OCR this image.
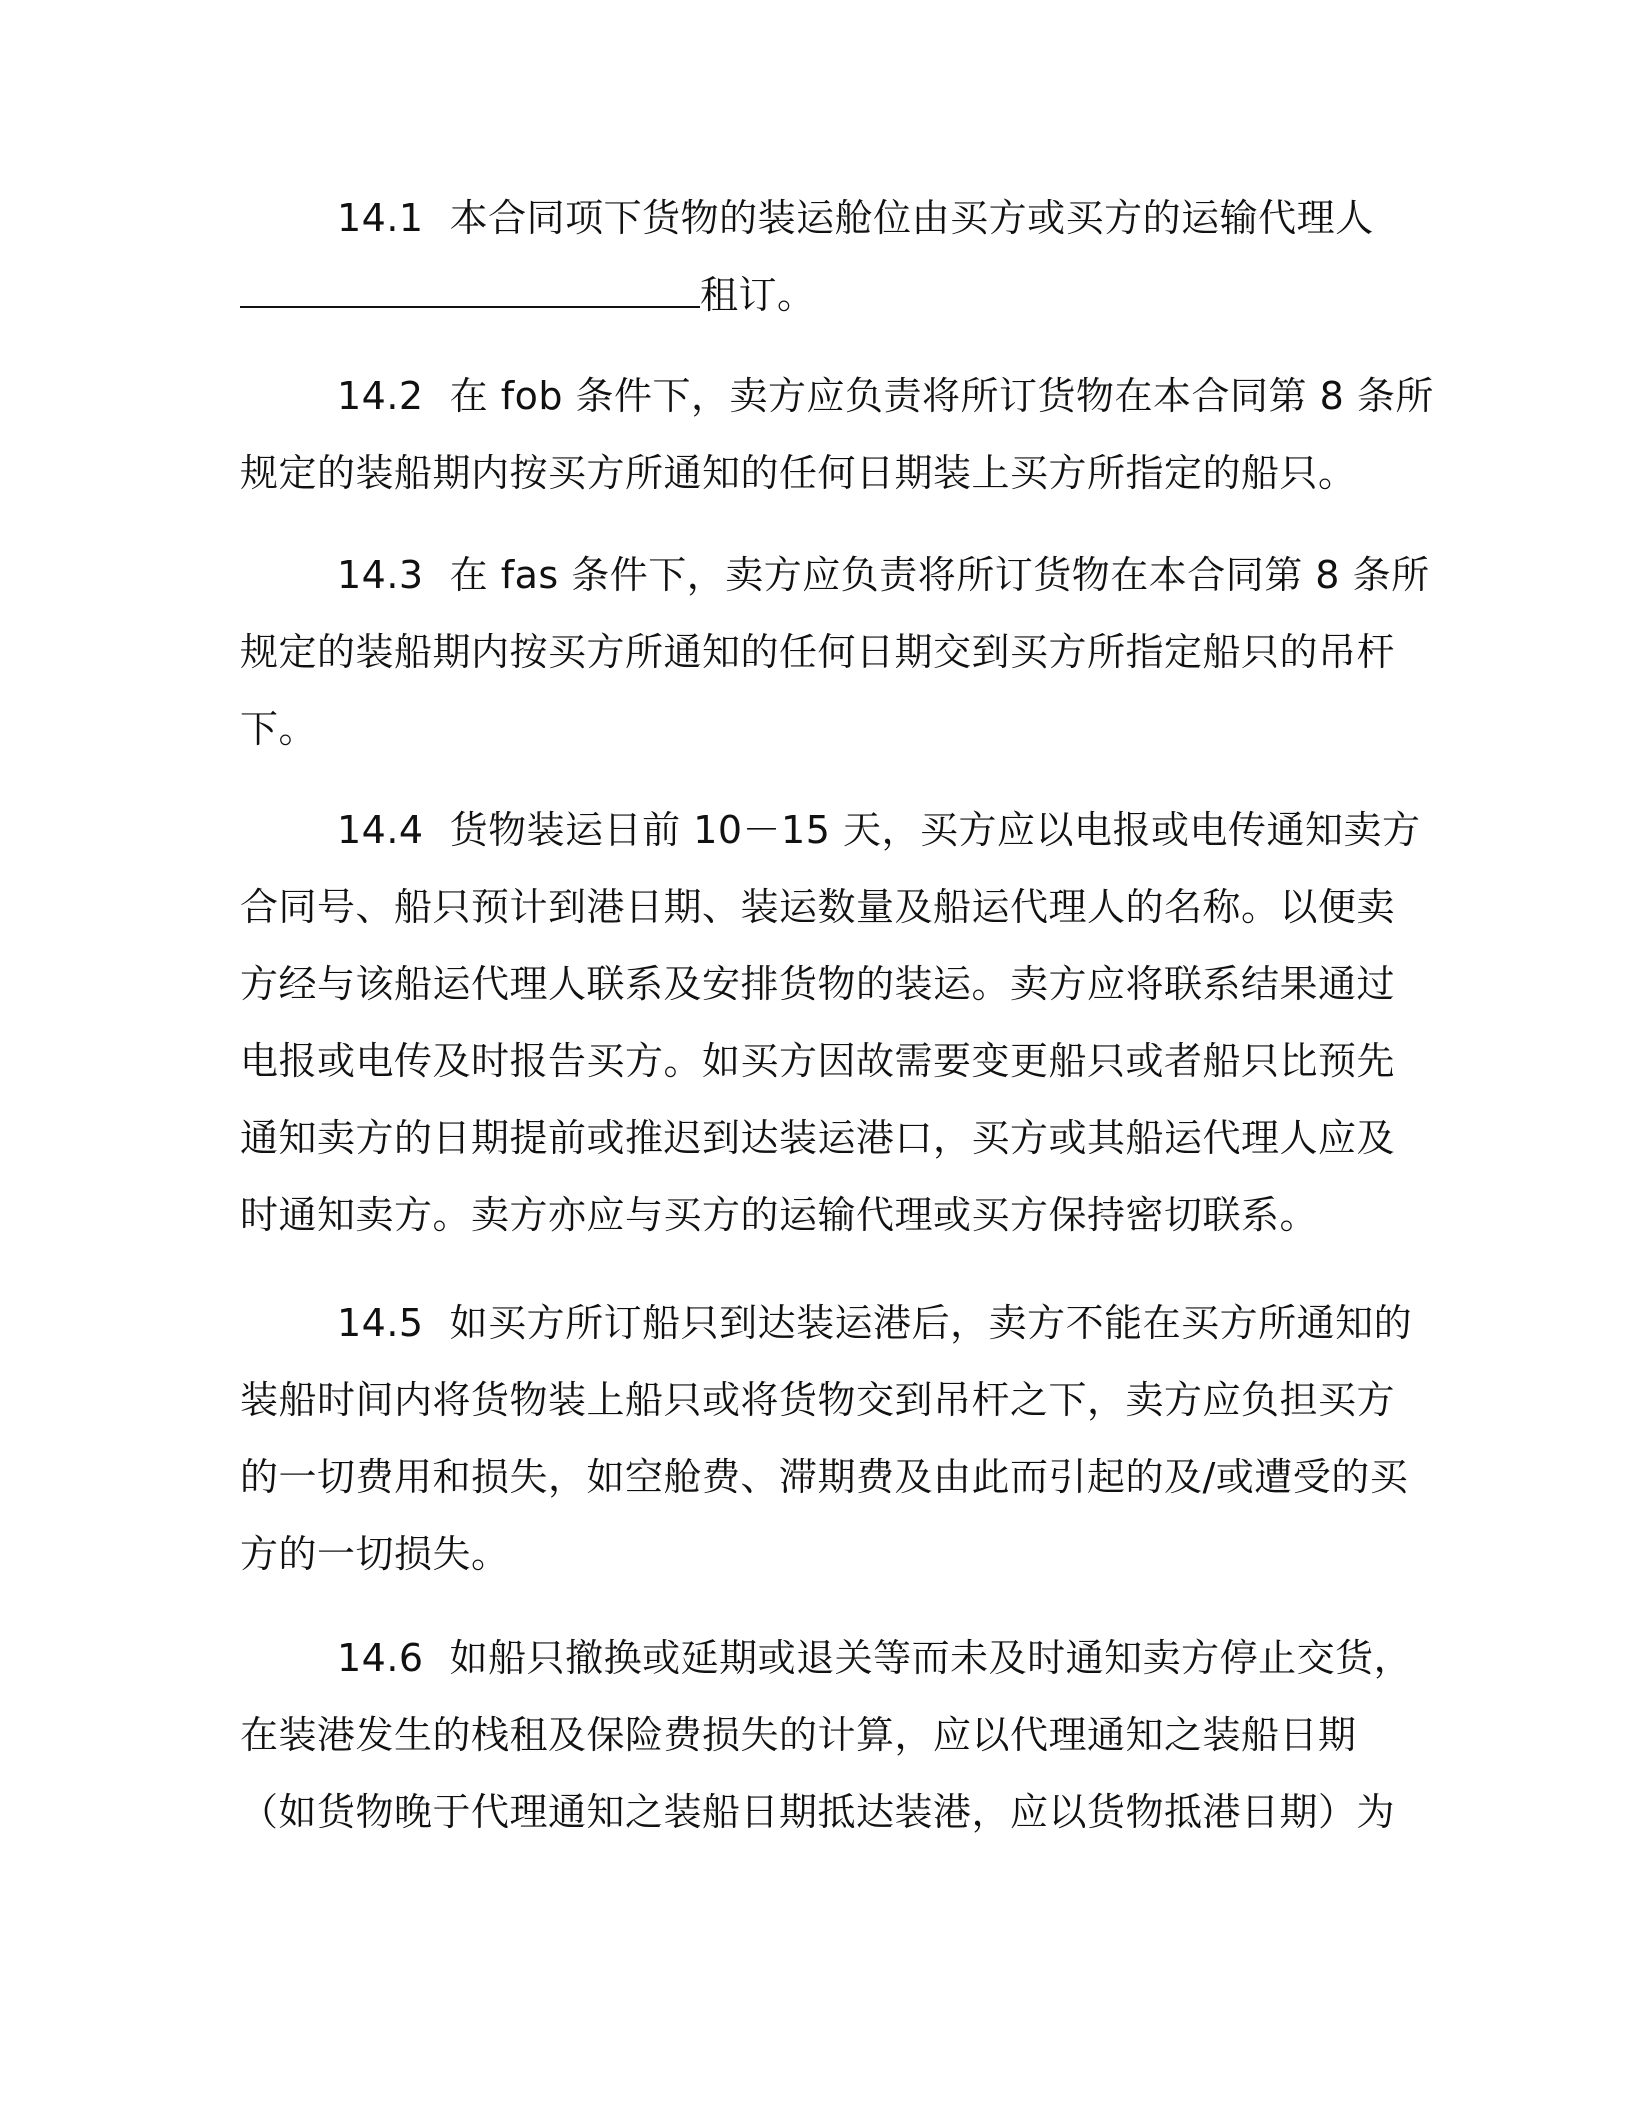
14.1 本合同项下货物的装运舱位由买方或买方的运输代理人
租订。
14.2 在 fob 条件下，卖方应负责将所订货物在本合同第 8 条所
规定的装船期内按买方所通知的任何日期装上买方所指定的船只。
14.3 在 fas 条件下，卖方应负责将所订货物在本合同第 8 条所
规定的装船期内按买方所通知的任何日期交到买方所指定船只的吊杆
下。
14.4 货物装运日前 10－15 天，买方应以电报或电传通知卖方
合同号、船只预计到港日期、装运数量及船运代理人的名称。以便卖
方经与该船运代理人联系及安排货物的装运。卖方应将联系结果通过
电报或电传及时报告买方。如买方因故需要变更船只或者船只比预先
通知卖方的日期提前或推迟到达装运港口，买方或其船运代理人应及
时通知卖方。卖方亦应与买方的运输代理或买方保持密切联系。
14.5 如买方所订船只到达装运港后，卖方不能在买方所通知的
装船时间内将货物装上船只或将货物交到吊杆之下，卖方应负担买方
的一切费用和损失，如空舱费、滞期费及由此而引起的及/或遭受的买
方的一切损失。
14.6 如船只撤换或延期或退关等而未及时通知卖方停止交货，
在装港发生的栈租及保险费损失的计算，应以代理通知之装船日期
（如货物晚于代理通知之装船日期抵达装港，应以货物抵港日期）为
